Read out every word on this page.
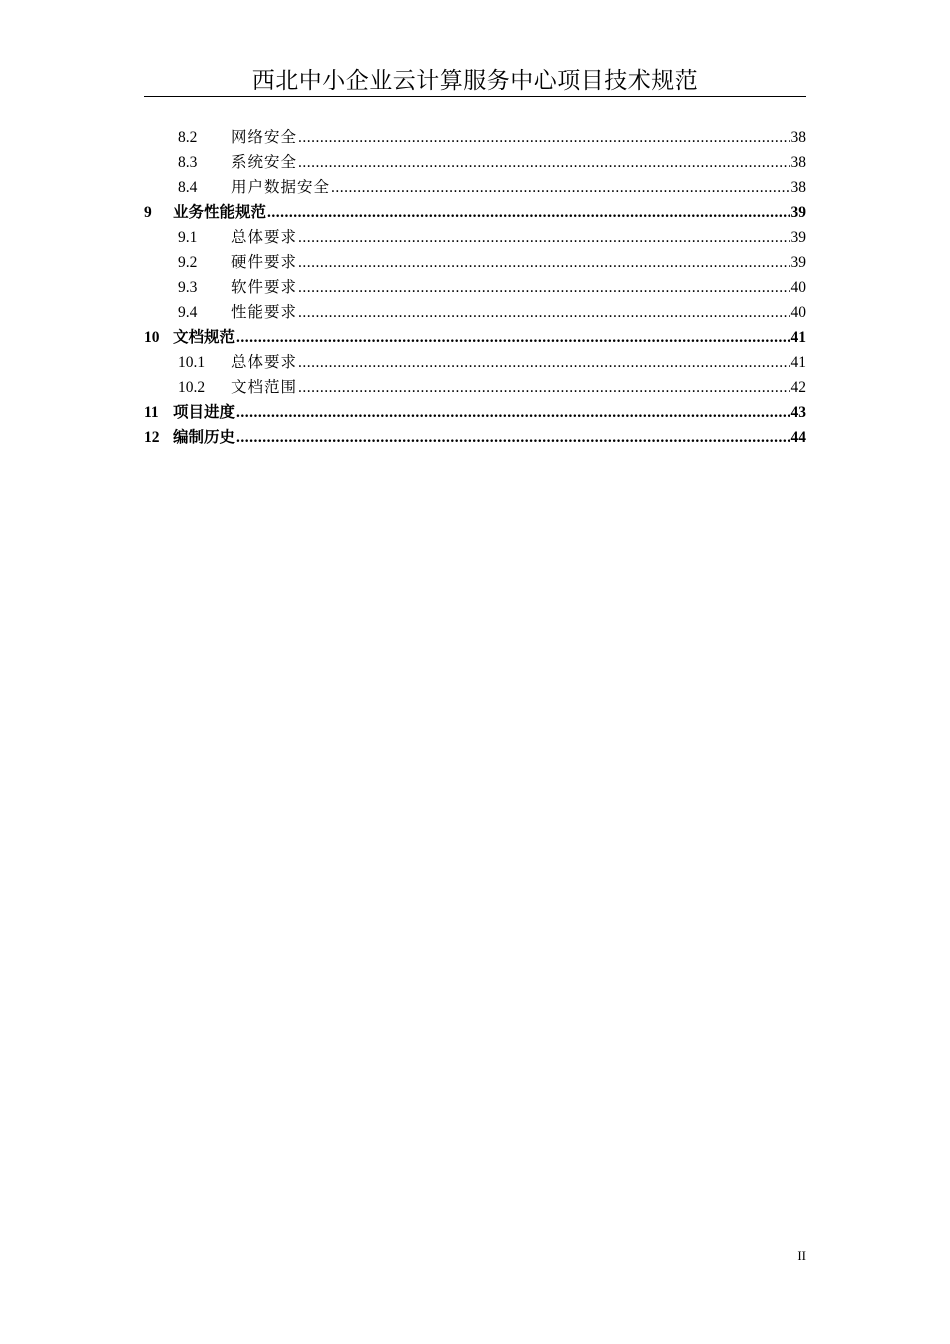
西北中小企业云计算服务中心项目技术规范
8.2	网络安全 .....	38
8.3	系统安全 .....	38
8.4	用户数据安全 .....	38
9	业务性能规范 .....	39
9.1	总体要求 .....	39
9.2	硬件要求 .....	39
9.3	软件要求 .....	40
9.4	性能要求 .....	40
10 文档规范 .....	41
10.1	总体要求 .....	41
10.2	文档范围 .....	42
11 项目进度 .....	43
12 编制历史 .....	44
II
